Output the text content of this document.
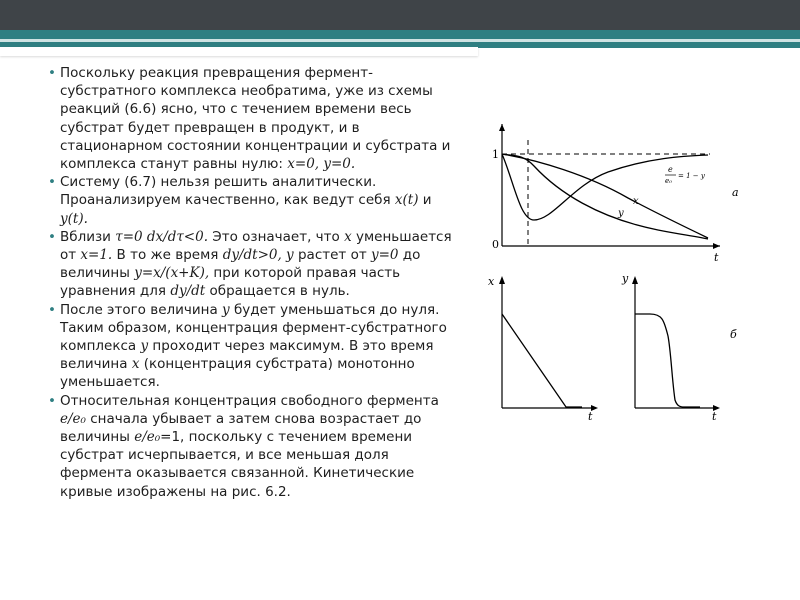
• Поскольку реакция превращения фермент-субстратного комплекса необратима, уже из схемы реакций (6.6) ясно, что с течением времени весь субстрат будет превращен в продукт, и в стационарном состоянии концентрации и субстрата и комплекса станут равны нулю: x=0, y=0.
• Систему (6.7) нельзя решить аналитически. Проанализируем качественно, как ведут себя x(t) и y(t).
• Вблизи τ=0 dx/dτ<0. Это означает, что x уменьшается от x=1. В то же время dy/dt>0, y растет от y=0 до величины y=x/(x+K), при которой правая часть уравнения для dy/dt обращается в нуль.
• После этого величина y будет уменьшаться до нуля. Таким образом, концентрация фермент-субстратного комплекса y проходит через максимум. В это время величина x (концентрация субстрата) монотонно уменьшается.
• Относительная концентрация свободного фермента e/e₀ сначала убывает а затем снова возрастает до величины e/e₀=1, поскольку с течением времени субстрат исчерпывается, и все меньшая доля фермента оказывается связанной. Кинетические кривые изображены на рис. 6.2.
1
0
t
x
y
e
e₀
= 1 − y
а
x
t
y
t
б
